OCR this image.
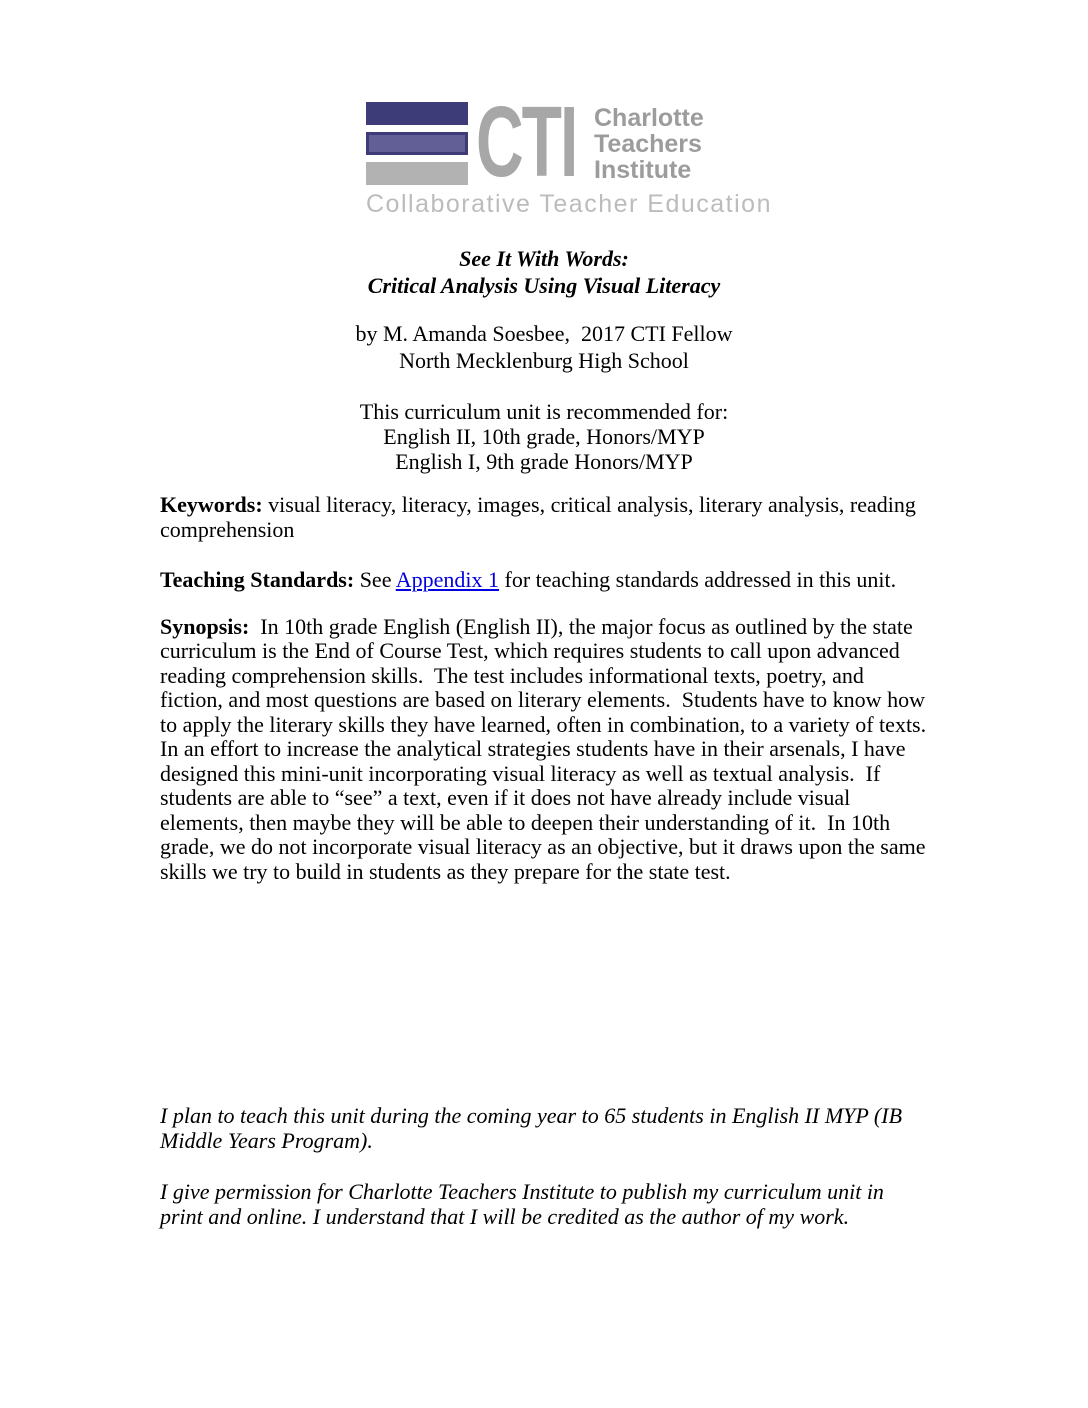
CTI Charlotte
Teachers
Institute
Collaborative Teacher Education
See It With Words:
Critical Analysis Using Visual Literacy
by M. Amanda Soesbee,  2017 CTI Fellow
North Mecklenburg High School
This curriculum unit is recommended for:
English II, 10th grade, Honors/MYP
English I, 9th grade Honors/MYP

Keywords: visual literacy, literacy, images, critical analysis, literary analysis, reading comprehension

Teaching Standards: See Appendix 1 for teaching standards addressed in this unit.

Synopsis:  In 10th grade English (English II), the major focus as outlined by the state curriculum is the End of Course Test, which requires students to call upon advanced reading comprehension skills.  The test includes informational texts, poetry, and fiction, and most questions are based on literary elements.  Students have to know how to apply the literary skills they have learned, often in combination, to a variety of texts.  In an effort to increase the analytical strategies students have in their arsenals, I have designed this mini-unit incorporating visual literacy as well as textual analysis.  If students are able to “see” a text, even if it does not have already include visual elements, then maybe they will be able to deepen their understanding of it.  In 10th grade, we do not incorporate visual literacy as an objective, but it draws upon the same skills we try to build in students as they prepare for the state test.

I plan to teach this unit during the coming year to 65 students in English II MYP (IB Middle Years Program).

I give permission for Charlotte Teachers Institute to publish my curriculum unit in print and online. I understand that I will be credited as the author of my work.
